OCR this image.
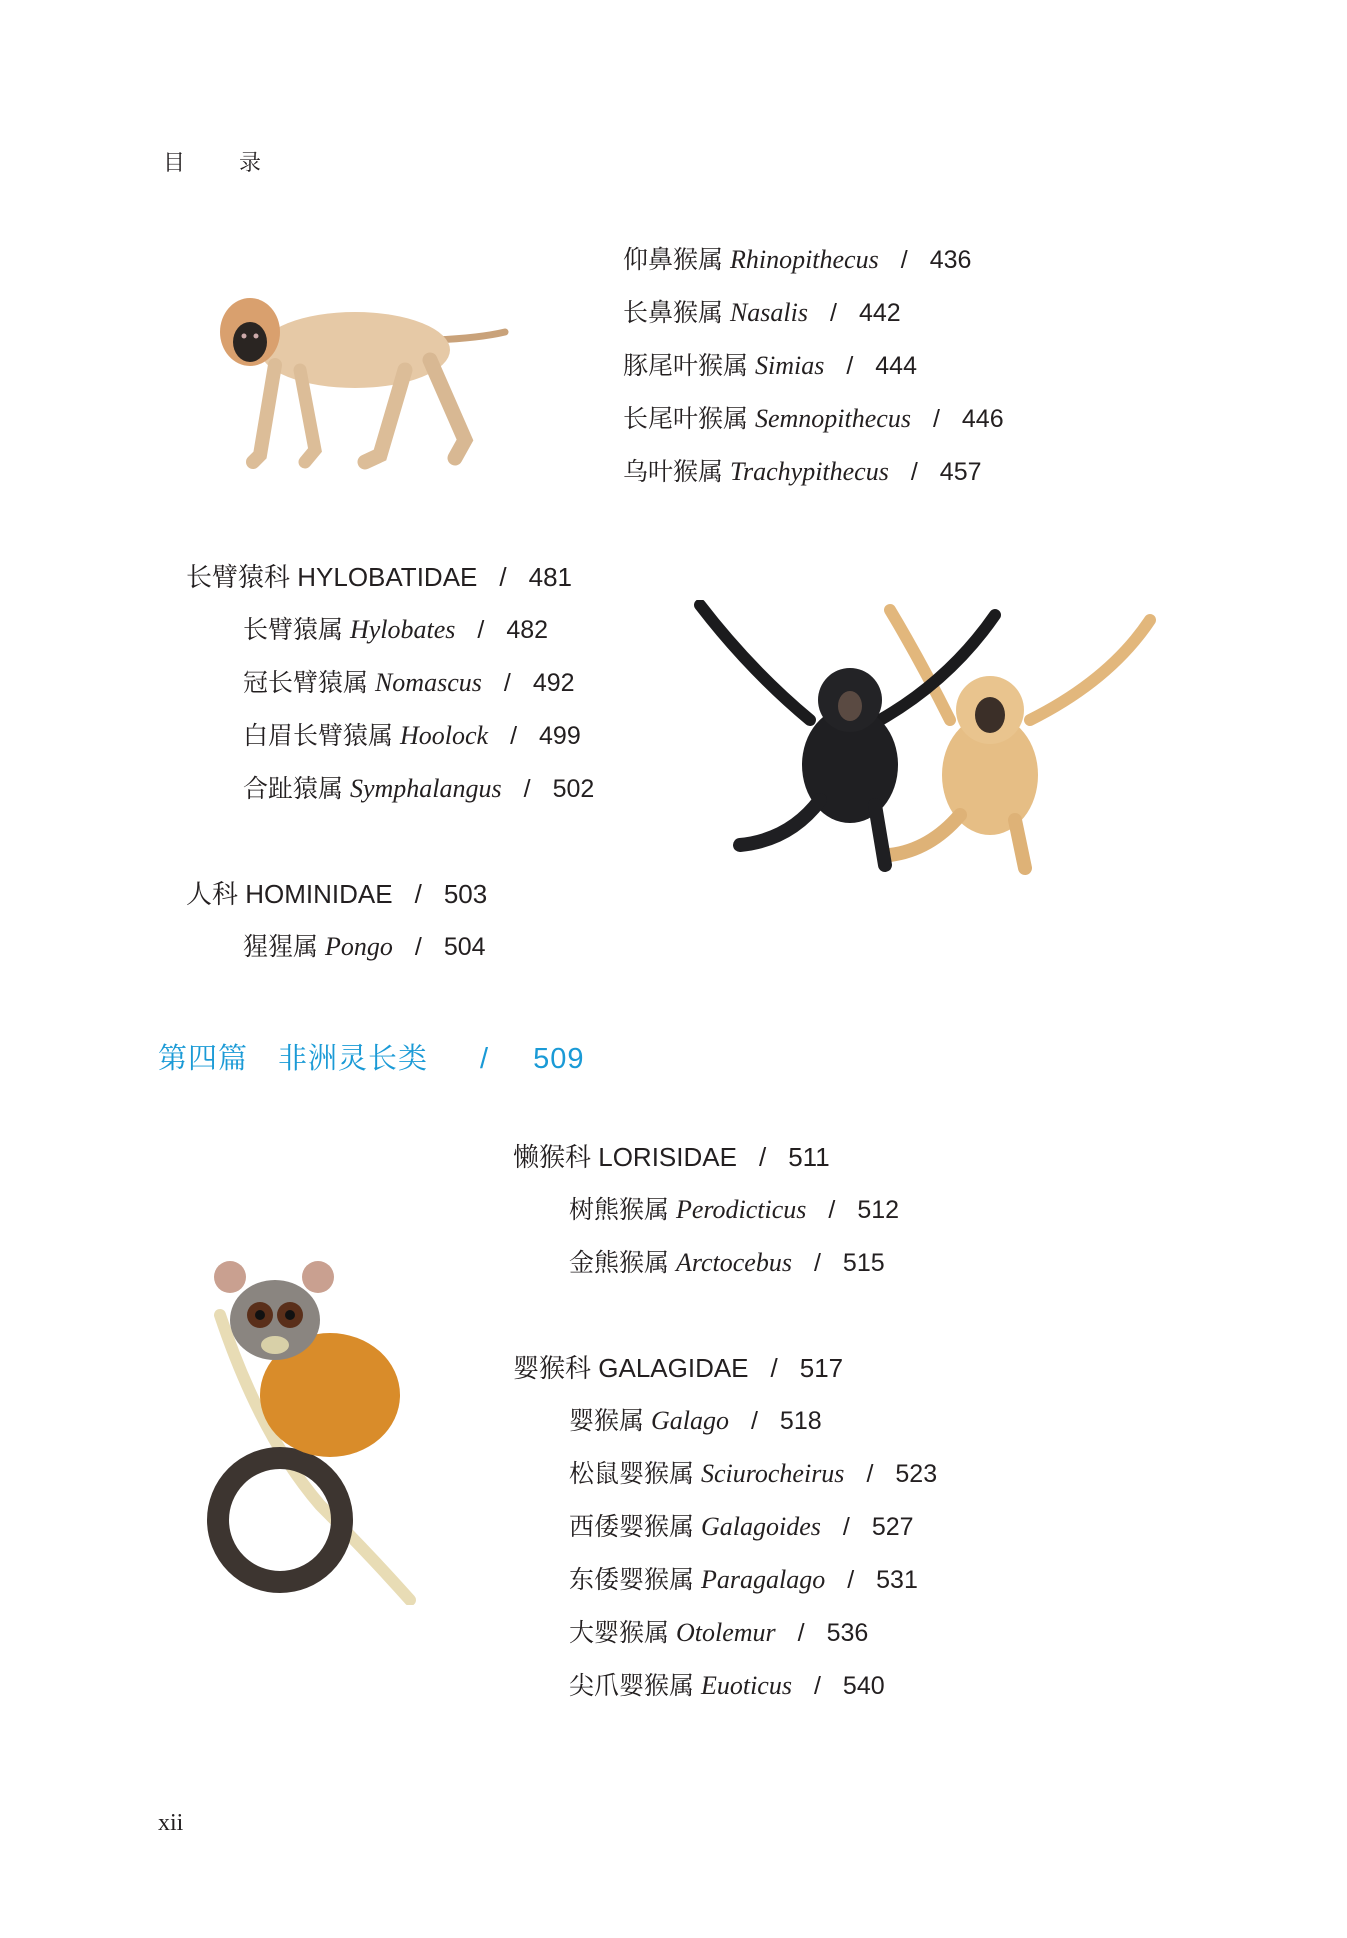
目录
仰鼻猴属 Rhinopithecus / 436
长鼻猴属 Nasalis / 442
豚尾叶猴属 Simias / 444
长尾叶猴属 Semnopithecus / 446
乌叶猴属 Trachypithecus / 457
长臂猿科 HYLOBATIDAE / 481
长臂猿属 Hylobates / 482
冠长臂猿属 Nomascus / 492
白眉长臂猿属 Hoolock / 499
合趾猿属 Symphalangus / 502
人科 HOMINIDAE / 503
猩猩属 Pongo / 504
第四篇 非洲灵长类 / 509
懒猴科 LORISIDAE / 511
树熊猴属 Perodicticus / 512
金熊猴属 Arctocebus / 515
婴猴科 GALAGIDAE / 517
婴猴属 Galago / 518
松鼠婴猴属 Sciurocheirus / 523
西倭婴猴属 Galagoides / 527
东倭婴猴属 Paragalago / 531
大婴猴属 Otolemur / 536
尖爪婴猴属 Euoticus / 540
xii
